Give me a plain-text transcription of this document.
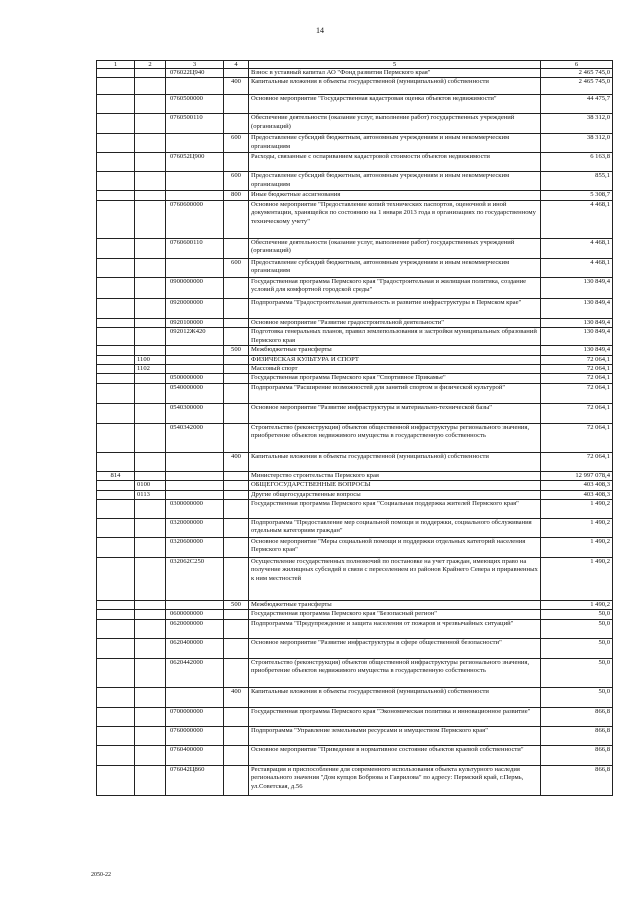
14
1	2	3	4	5	6
		076022Ц940		Взнос в уставный капитал АО "Фонд развития Пермского края"	2 465 745,0
			400	Капитальные вложения в объекты государственной (муниципальной) собственности	2 465 745,0
		0760500000		Основное мероприятие "Государственная кадастровая оценка объектов недвижимости"	44 475,7
		0760500110		Обеспечение деятельности (оказание услуг, выполнение работ) государственных учреждений (организаций)	38 312,0
			600	Предоставление субсидий бюджетным, автономным учреждениям и иным некоммерческим организациям	38 312,0
		076052Ц900		Расходы, связанные с оспариванием кадастровой стоимости объектов недвижимости	6 163,8
			600	Предоставление субсидий бюджетным, автономным учреждениям и иным некоммерческим организациям	855,1
			800	Иные бюджетные ассигнования	5 308,7
		0760600000		Основное мероприятие "Предоставление копий технических паспортов, оценочной и иной документации, хранящейся по состоянию на 1 января 2013 года в организациях по государственному техническому учету"	4 468,1
		0760600110		Обеспечение деятельности (оказание услуг, выполнение работ) государственных учреждений (организаций)	4 468,1
			600	Предоставление субсидий бюджетным, автономным учреждениям и иным некоммерческим организациям	4 468,1
		0900000000		Государственная программа Пермского края "Градостроительная и жилищная политика, создание условий для комфортной городской среды"	130 849,4
		0920000000		Подпрограмма "Градостроительная деятельность и развитие инфраструктуры в Пермском крае"	130 849,4
		0920100000		Основное мероприятие "Развитие градостроительной деятельности"	130 849,4
		092012Ж420		Подготовка генеральных планов, правил землепользования и застройки муниципальных образований Пермского края	130 849,4
			500	Межбюджетные трансферты	130 849,4
	1100			ФИЗИЧЕСКАЯ КУЛЬТУРА И СПОРТ	72 064,1
	1102			Массовый спорт	72 064,1
		0500000000		Государственная программа Пермского края "Спортивное Прикамье"	72 064,1
		0540000000		Подпрограмма "Расширение возможностей для занятий спортом и физической культурой"	72 064,1
		0540300000		Основное мероприятие "Развитие инфраструктуры и материально-технической базы"	72 064,1
		0540342000		Строительство (реконструкция) объектов общественной инфраструктуры регионального значения, приобретение объектов недвижимого имущества в государственную собственность	72 064,1
			400	Капитальные вложения в объекты государственной (муниципальной) собственности	72 064,1
814				Министерство строительства Пермского края	12 997 078,4
	0100			ОБЩЕГОСУДАРСТВЕННЫЕ ВОПРОСЫ	403 408,3
	0113			Другие общегосударственные вопросы	403 408,3
		0300000000		Государственная программа Пермского края "Социальная поддержка жителей Пермского края"	1 490,2
		0320000000		Подпрограмма "Предоставление мер социальной помощи и поддержки, социального обслуживания отдельным категориям граждан"	1 490,2
		0320600000		Основное мероприятие "Меры социальной помощи и поддержки отдельных категорий населения Пермского края"	1 490,2
		032062С250		Осуществление государственных полномочий по постановке на учет граждан, имеющих право на получение жилищных субсидий в связи с переселением из районов Крайнего Севера и приравненных к ним местностей	1 490,2
			500	Межбюджетные трансферты	1 490,2
		0600000000		Государственная программа Пермского края "Безопасный регион"	50,0
		0620000000		Подпрограмма "Предупреждение и защита населения от пожаров и чрезвычайных ситуаций"	50,0
		0620400000		Основное мероприятие "Развитие инфраструктуры в сфере общественной безопасности"	50,0
		0620442000		Строительство (реконструкция) объектов общественной инфраструктуры регионального значения, приобретение объектов недвижимого имущества в государственную собственность	50,0
			400	Капитальные вложения в объекты государственной (муниципальной) собственности	50,0
		0700000000		Государственная программа Пермского края "Экономическая политика и инновационное развитие"	866,8
		0760000000		Подпрограмма "Управление земельными ресурсами и имуществом Пермского края"	866,8
		0760400000		Основное мероприятие "Приведение в нормативное состояние объектов краевой собственности"	866,8
		076042Ц860		Реставрация и приспособление для современного использования объекта культурного наследия регионального значения "Дом купцов Бобрюва и Гаврилова" по адресу: Пермский край, г.Пермь, ул.Советская, д.56	866,8
2050-22
